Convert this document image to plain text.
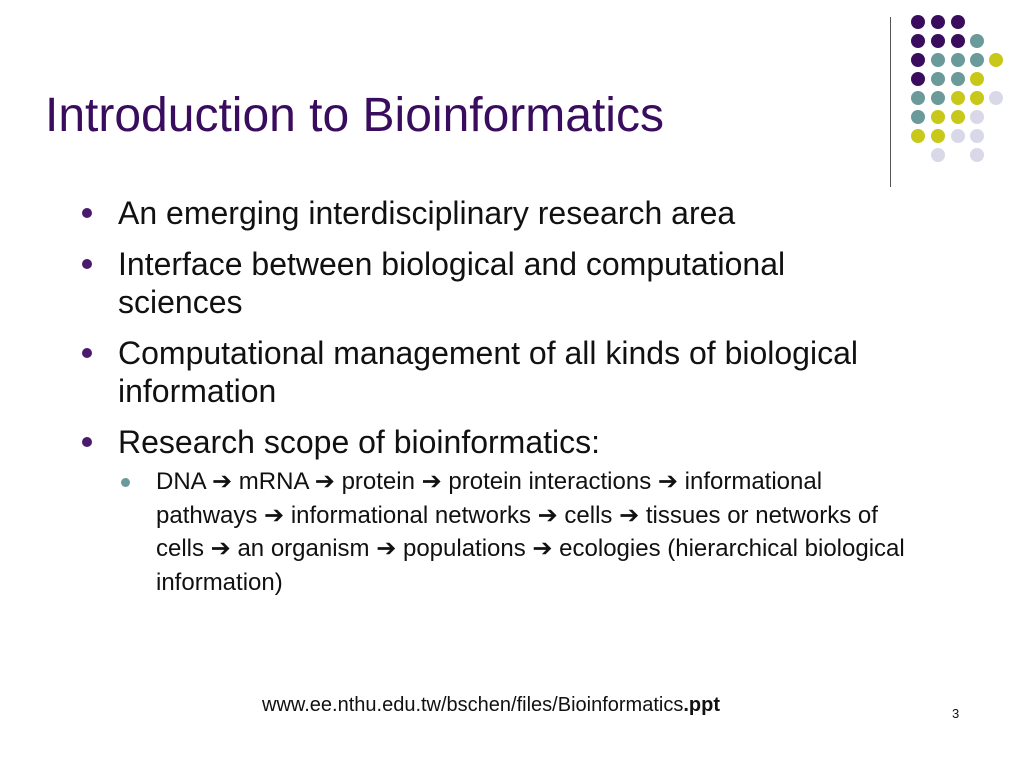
Introduction to Bioinformatics
An emerging interdisciplinary research area
Interface between biological and computational sciences
Computational management of all kinds of biological information
Research scope of bioinformatics:
DNA ➔ mRNA ➔ protein ➔ protein interactions ➔ informational pathways ➔ informational networks ➔ cells ➔ tissues or networks of cells ➔ an organism ➔ populations ➔ ecologies (hierarchical biological information)
www.ee.nthu.edu.tw/bschen/files/Bioinformatics.ppt	3
